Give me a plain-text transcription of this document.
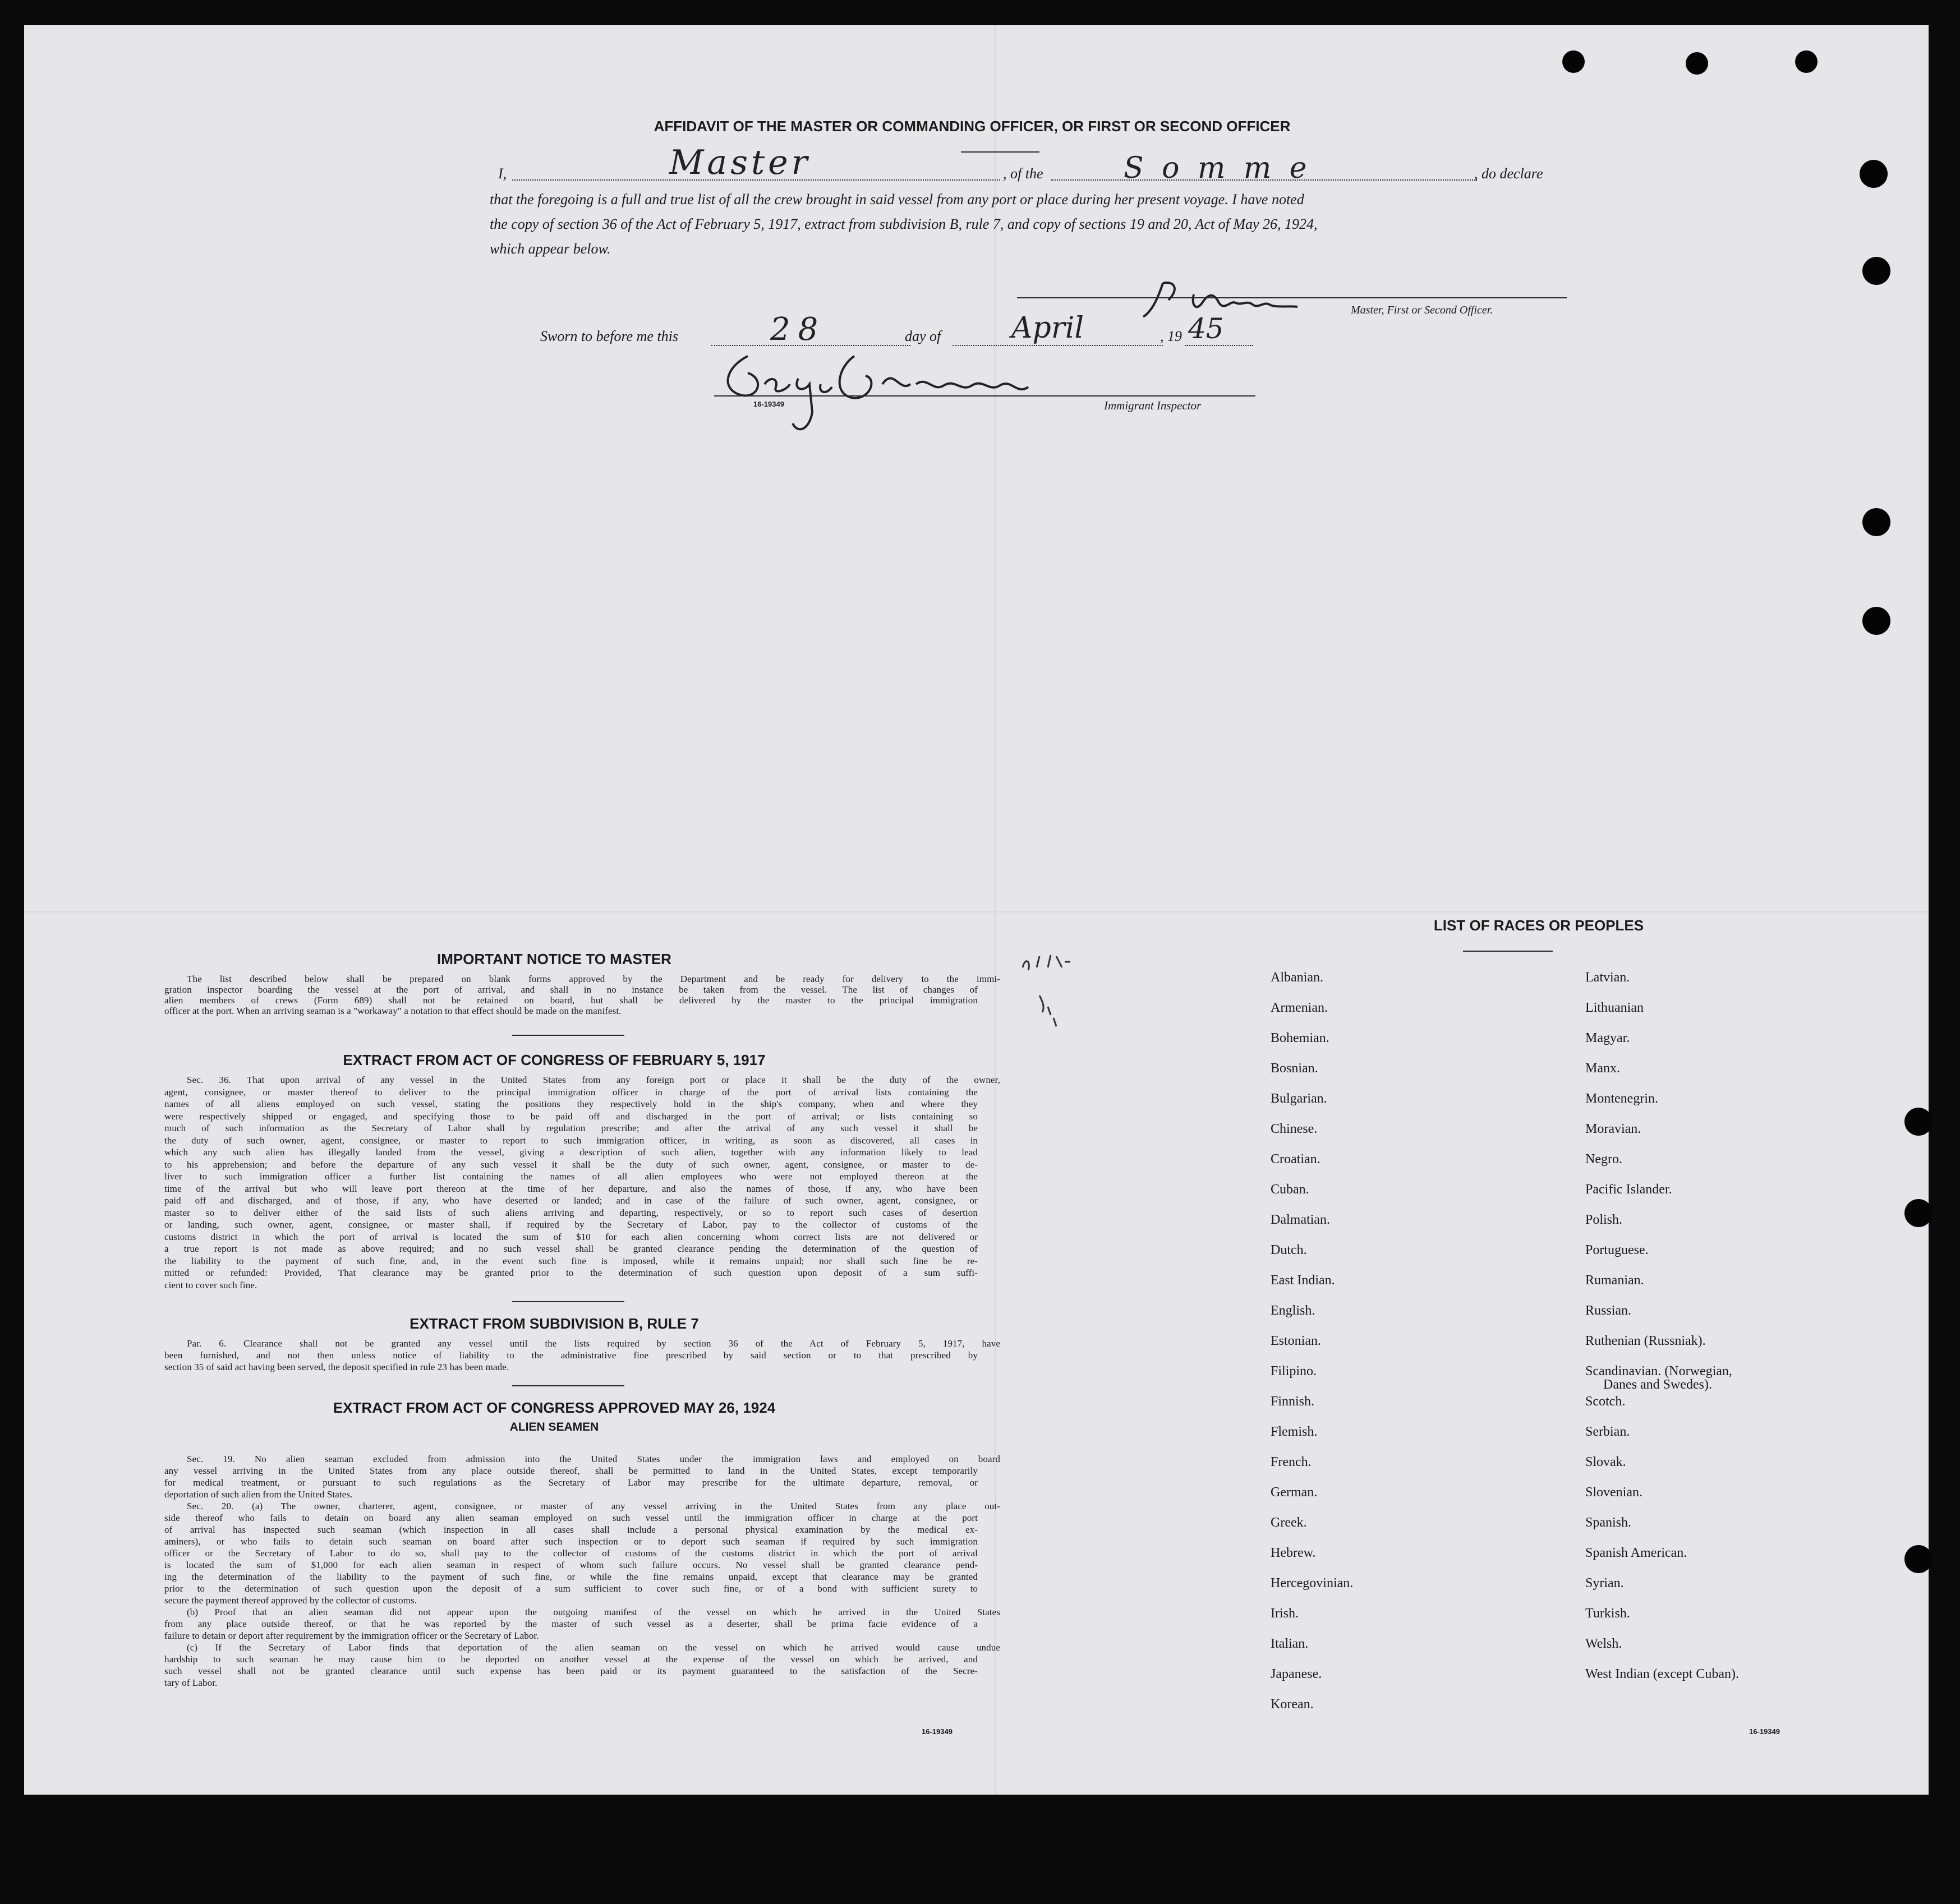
AFFIDAVIT OF THE MASTER OR COMMANDING OFFICER, OR FIRST OR SECOND OFFICER
I,	Master	, of the	S o m m e	, do declare
that the foregoing is a full and true list of all the crew brought in said vessel from any port or place during her present voyage. I have noted
the copy of section 36 of the Act of February 5, 1917, extract from subdivision B, rule 7, and copy of sections 19 and 20, Act of May 26, 1924,
which appear below.
Master, First or Second Officer.
Sworn to before me this	28	day of April	, 19 45
16-19349	Immigrant Inspector
IMPORTANT NOTICE TO MASTER
The list described below shall be prepared on blank forms approved by the Department and be ready for delivery to the immi-
gration inspector boarding the vessel at the port of arrival, and shall in no instance be taken from the vessel. The list of changes of
alien members of crews (Form 689) shall not be retained on board, but shall be delivered by the master to the principal immigration
officer at the port. When an arriving seaman is a "workaway" a notation to that effect should be made on the manifest.
EXTRACT FROM ACT OF CONGRESS OF FEBRUARY 5, 1917
Sec. 36. That upon arrival of any vessel in the United States from any foreign port or place it shall be the duty of the owner,
agent, consignee, or master thereof to deliver to the principal immigration officer in charge of the port of arrival lists containing the
names of all aliens employed on such vessel, stating the positions they respectively hold in the ship's company, when and where they
were respectively shipped or engaged, and specifying those to be paid off and discharged in the port of arrival; or lists containing so
much of such information as the Secretary of Labor shall by regulation prescribe; and after the arrival of any such vessel it shall be
the duty of such owner, agent, consignee, or master to report to such immigration officer, in writing, as soon as discovered, all cases in
which any such alien has illegally landed from the vessel, giving a description of such alien, together with any information likely to lead
to his apprehension; and before the departure of any such vessel it shall be the duty of such owner, agent, consignee, or master to de-
liver to such immigration officer a further list containing the names of all alien employees who were not employed thereon at the
time of the arrival but who will leave port thereon at the time of her departure, and also the names of those, if any, who have been
paid off and discharged, and of those, if any, who have deserted or landed; and in case of the failure of such owner, agent, consignee, or
master so to deliver either of the said lists of such aliens arriving and departing, respectively, or so to report such cases of desertion
or landing, such owner, agent, consignee, or master shall, if required by the Secretary of Labor, pay to the collector of customs of the
customs district in which the port of arrival is located the sum of $10 for each alien concerning whom correct lists are not delivered or
a true report is not made as above required; and no such vessel shall be granted clearance pending the determination of the question of
the liability to the payment of such fine, and, in the event such fine is imposed, while it remains unpaid; nor shall such fine be re-
mitted or refunded: Provided, That clearance may be granted prior to the determination of such question upon deposit of a sum suffi-
cient to cover such fine.
EXTRACT FROM SUBDIVISION B, RULE 7
Par. 6. Clearance shall not be granted any vessel until the lists required by section 36 of the Act of February 5, 1917, have
been furnished, and not then unless notice of liability to the administrative fine prescribed by said section or to that prescribed by
section 35 of said act having been served, the deposit specified in rule 23 has been made.
EXTRACT FROM ACT OF CONGRESS APPROVED MAY 26, 1924
ALIEN SEAMEN
Sec. 19. No alien seaman excluded from admission into the United States under the immigration laws and employed on board
any vessel arriving in the United States from any place outside thereof, shall be permitted to land in the United States, except temporarily
for medical treatment, or pursuant to such regulations as the Secretary of Labor may prescribe for the ultimate departure, removal, or
deportation of such alien from the United States.
Sec. 20. (a) The owner, charterer, agent, consignee, or master of any vessel arriving in the United States from any place out-
side thereof who fails to detain on board any alien seaman employed on such vessel until the immigration officer in charge at the port
of arrival has inspected such seaman (which inspection in all cases shall include a personal physical examination by the medical ex-
aminers), or who fails to detain such seaman on board after such inspection or to deport such seaman if required by such immigration
officer or the Secretary of Labor to do so, shall pay to the collector of customs of the customs district in which the port of arrival
is located the sum of $1,000 for each alien seaman in respect of whom such failure occurs. No vessel shall be granted clearance pend-
ing the determination of the liability to the payment of such fine, or while the fine remains unpaid, except that clearance may be granted
prior to the determination of such question upon the deposit of a sum sufficient to cover such fine, or of a bond with sufficient surety to
secure the payment thereof approved by the collector of customs.
(b) Proof that an alien seaman did not appear upon the outgoing manifest of the vessel on which he arrived in the United States
from any place outside thereof, or that he was reported by the master of such vessel as a deserter, shall be prima facie evidence of a
failure to detain or deport after requirement by the immigration officer or the Secretary of Labor.
(c) If the Secretary of Labor finds that deportation of the alien seaman on the vessel on which he arrived would cause undue
hardship to such seaman he may cause him to be deported on another vessel at the expense of the vessel on which he arrived, and
such vessel shall not be granted clearance until such expense has been paid or its payment guaranteed to the satisfaction of the Secre-
tary of Labor.
16-19349
LIST OF RACES OR PEOPLES
Albanian.
Armenian.
Bohemian.
Bosnian.
Bulgarian.
Chinese.
Croatian.
Cuban.
Dalmatian.
Dutch.
East Indian.
English.
Estonian.
Filipino.
Finnish.
Flemish.
French.
German.
Greek.
Hebrew.
Hercegovinian.
Irish.
Italian.
Japanese.
Korean.
Latvian.
Lithuanian
Magyar.
Manx.
Montenegrin.
Moravian.
Negro.
Pacific Islander.
Polish.
Portuguese.
Rumanian.
Russian.
Ruthenian (Russniak).
Scandinavian. (Norwegian,
Danes and Swedes).
Scotch.
Serbian.
Slovak.
Slovenian.
Spanish.
Spanish American.
Syrian.
Turkish.
Welsh.
West Indian (except Cuban).
16-19349
